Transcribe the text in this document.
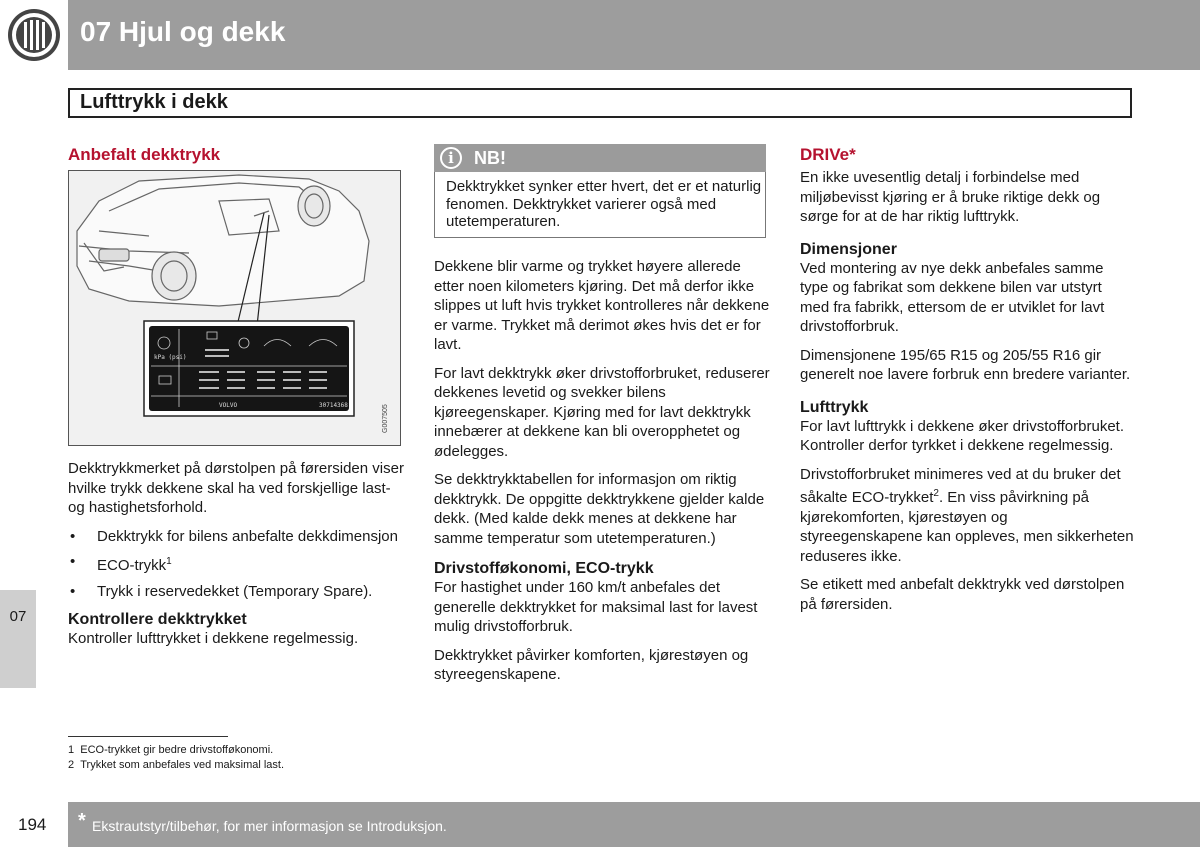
07 Hjul og dekk
Lufttrykk i dekk
07
Anbefalt dekktrykk
kPa (psi)
VOLVO	30714368	G007505

Dekktrykkmerket på dørstolpen på førersiden viser hvilke trykk dekkene skal ha ved forskjellige last- og hastighetsforhold.

• Dekktrykk for bilens anbefalte dekkdimensjon
• ECO-trykk$^1$
• Trykk i reservedekket (Temporary Spare).
Kontrollere dekktrykket

Kontroller lufttrykket i dekkene regelmessig.

i	NB!
Dekktrykket synker etter hvert, det er et naturlig fenomen. Dekktrykket varierer også med utetemperaturen.

Dekkene blir varme og trykket høyere allerede etter noen kilometers kjøring. Det må derfor ikke slippes ut luft hvis trykket kontrolleres når dekkene er varme. Trykket må derimot økes hvis det er for lavt.

For lavt dekktrykk øker drivstofforbruket, reduserer dekkenes levetid og svekker bilens kjøreegenskaper. Kjøring med for lavt dekktrykk innebærer at dekkene kan bli overopphetet og ødelegges.

Se dekktrykktabellen for informasjon om riktig dekktrykk. De oppgitte dekktrykkene gjelder kalde dekk. (Med kalde dekk menes at dekkene har samme temperatur som utetemperaturen.)

Drivstofføkonomi, ECO-trykk

For hastighet under 160 km/t anbefales det generelle dekktrykket for maksimal last for lavest mulig drivstofforbruk.

Dekktrykket påvirker komforten, kjørestøyen og styreegenskapene.

DRIVe*

En ikke uvesentlig detalj i forbindelse med miljøbevisst kjøring er å bruke riktige dekk og sørge for at de har riktig lufttrykk.

Dimensjoner

Ved montering av nye dekk anbefales samme type og fabrikat som dekkene bilen var utstyrt med fra fabrikk, ettersom de er utviklet for lavt drivstofforbruk.

Dimensjonene 195/65 R15 og 205/55 R16 gir generelt noe lavere forbruk enn bredere varianter.

Lufttrykk

For lavt lufttrykk i dekkene øker drivstofforbruket. Kontroller derfor tyrkket i dekkene regelmessig.

Drivstofforbruket minimeres ved at du bruker det såkalte ECO-trykket$^2$. En viss påvirkning på kjørekomforten, kjørestøyen og styreegenskapene kan oppleves, men sikkerheten reduseres ikke.

Se etikett med anbefalt dekktrykk ved dørstolpen på førersiden.

1 ECO-trykket gir bedre drivstofføkonomi.
2 Trykket som anbefales ved maksimal last.
194 * Ekstrautstyr/tilbehør, for mer informasjon se Introduksjon.
